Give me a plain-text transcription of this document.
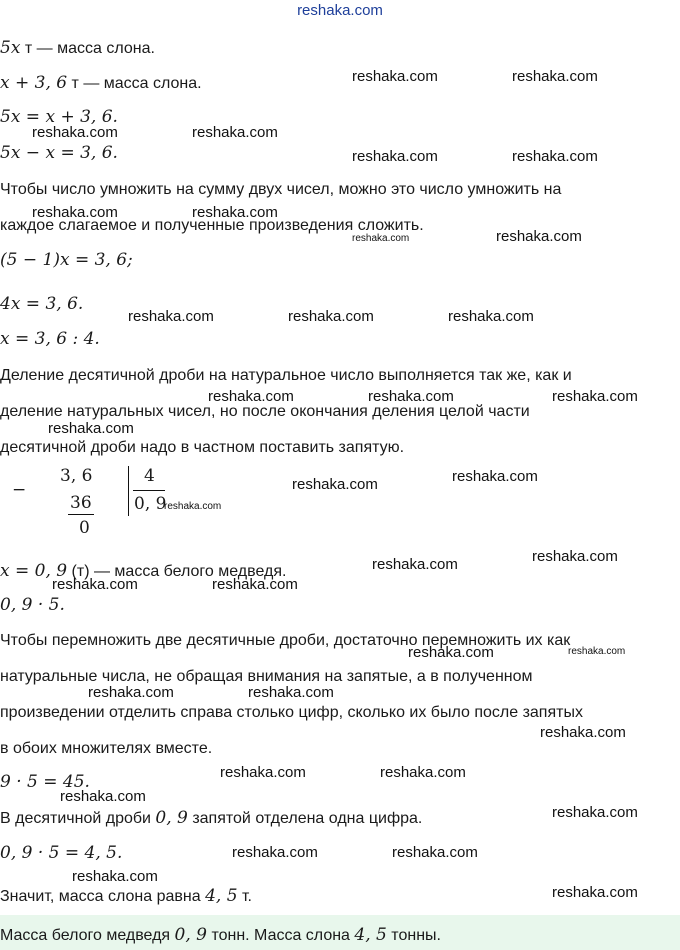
reshaka.com
5x т — масса слона.
x + 3, 6 т — масса слона.
5x = x + 3, 6.
5x − x = 3, 6.
Чтобы число умножить на сумму двух чисел, можно это число умножить на
каждое слагаемое и полученные произведения сложить.
(5 − 1)x = 3, 6;
4x = 3, 6.
x = 3, 6 : 4.
Деление десятичной дроби на натуральное число выполняется так же, как и
деление натуральных чисел, но после окончания деления целой части
десятичной дроби надо в частном поставить запятую.
−
3, 6
36
0
4
0, 9
x = 0, 9 (т) — масса белого медведя.
0, 9 · 5.
Чтобы перемножить две десятичные дроби, достаточно перемножить их как
натуральные числа, не обращая внимания на запятые, а в полученном
произведении отделить справа столько цифр, сколько их было после запятых
в обоих множителях вместе.
9 · 5 = 45.
В десятичной дроби 0, 9 запятой отделена одна цифра.
0, 9 · 5 = 4, 5.
Значит, масса слона равна 4, 5 т.
Масса белого медведя 0, 9 тонн. Масса слона 4, 5 тонны.
reshaka.com	reshaka.com
reshaka.com	reshaka.com
reshaka.com	reshaka.com
reshaka.com	reshaka.com
reshaka.com	reshaka.com
reshaka.com	reshaka.com	reshaka.com
reshaka.com	reshaka.com	reshaka.com
reshaka.com
reshaka.com	reshaka.com
reshaka.com
reshaka.com
reshaka.com
reshaka.com	reshaka.com
reshaka.com	reshaka.com
reshaka.com	reshaka.com
reshaka.com
reshaka.com	reshaka.com
reshaka.com
reshaka.com
reshaka.com	reshaka.com
reshaka.com
reshaka.com
